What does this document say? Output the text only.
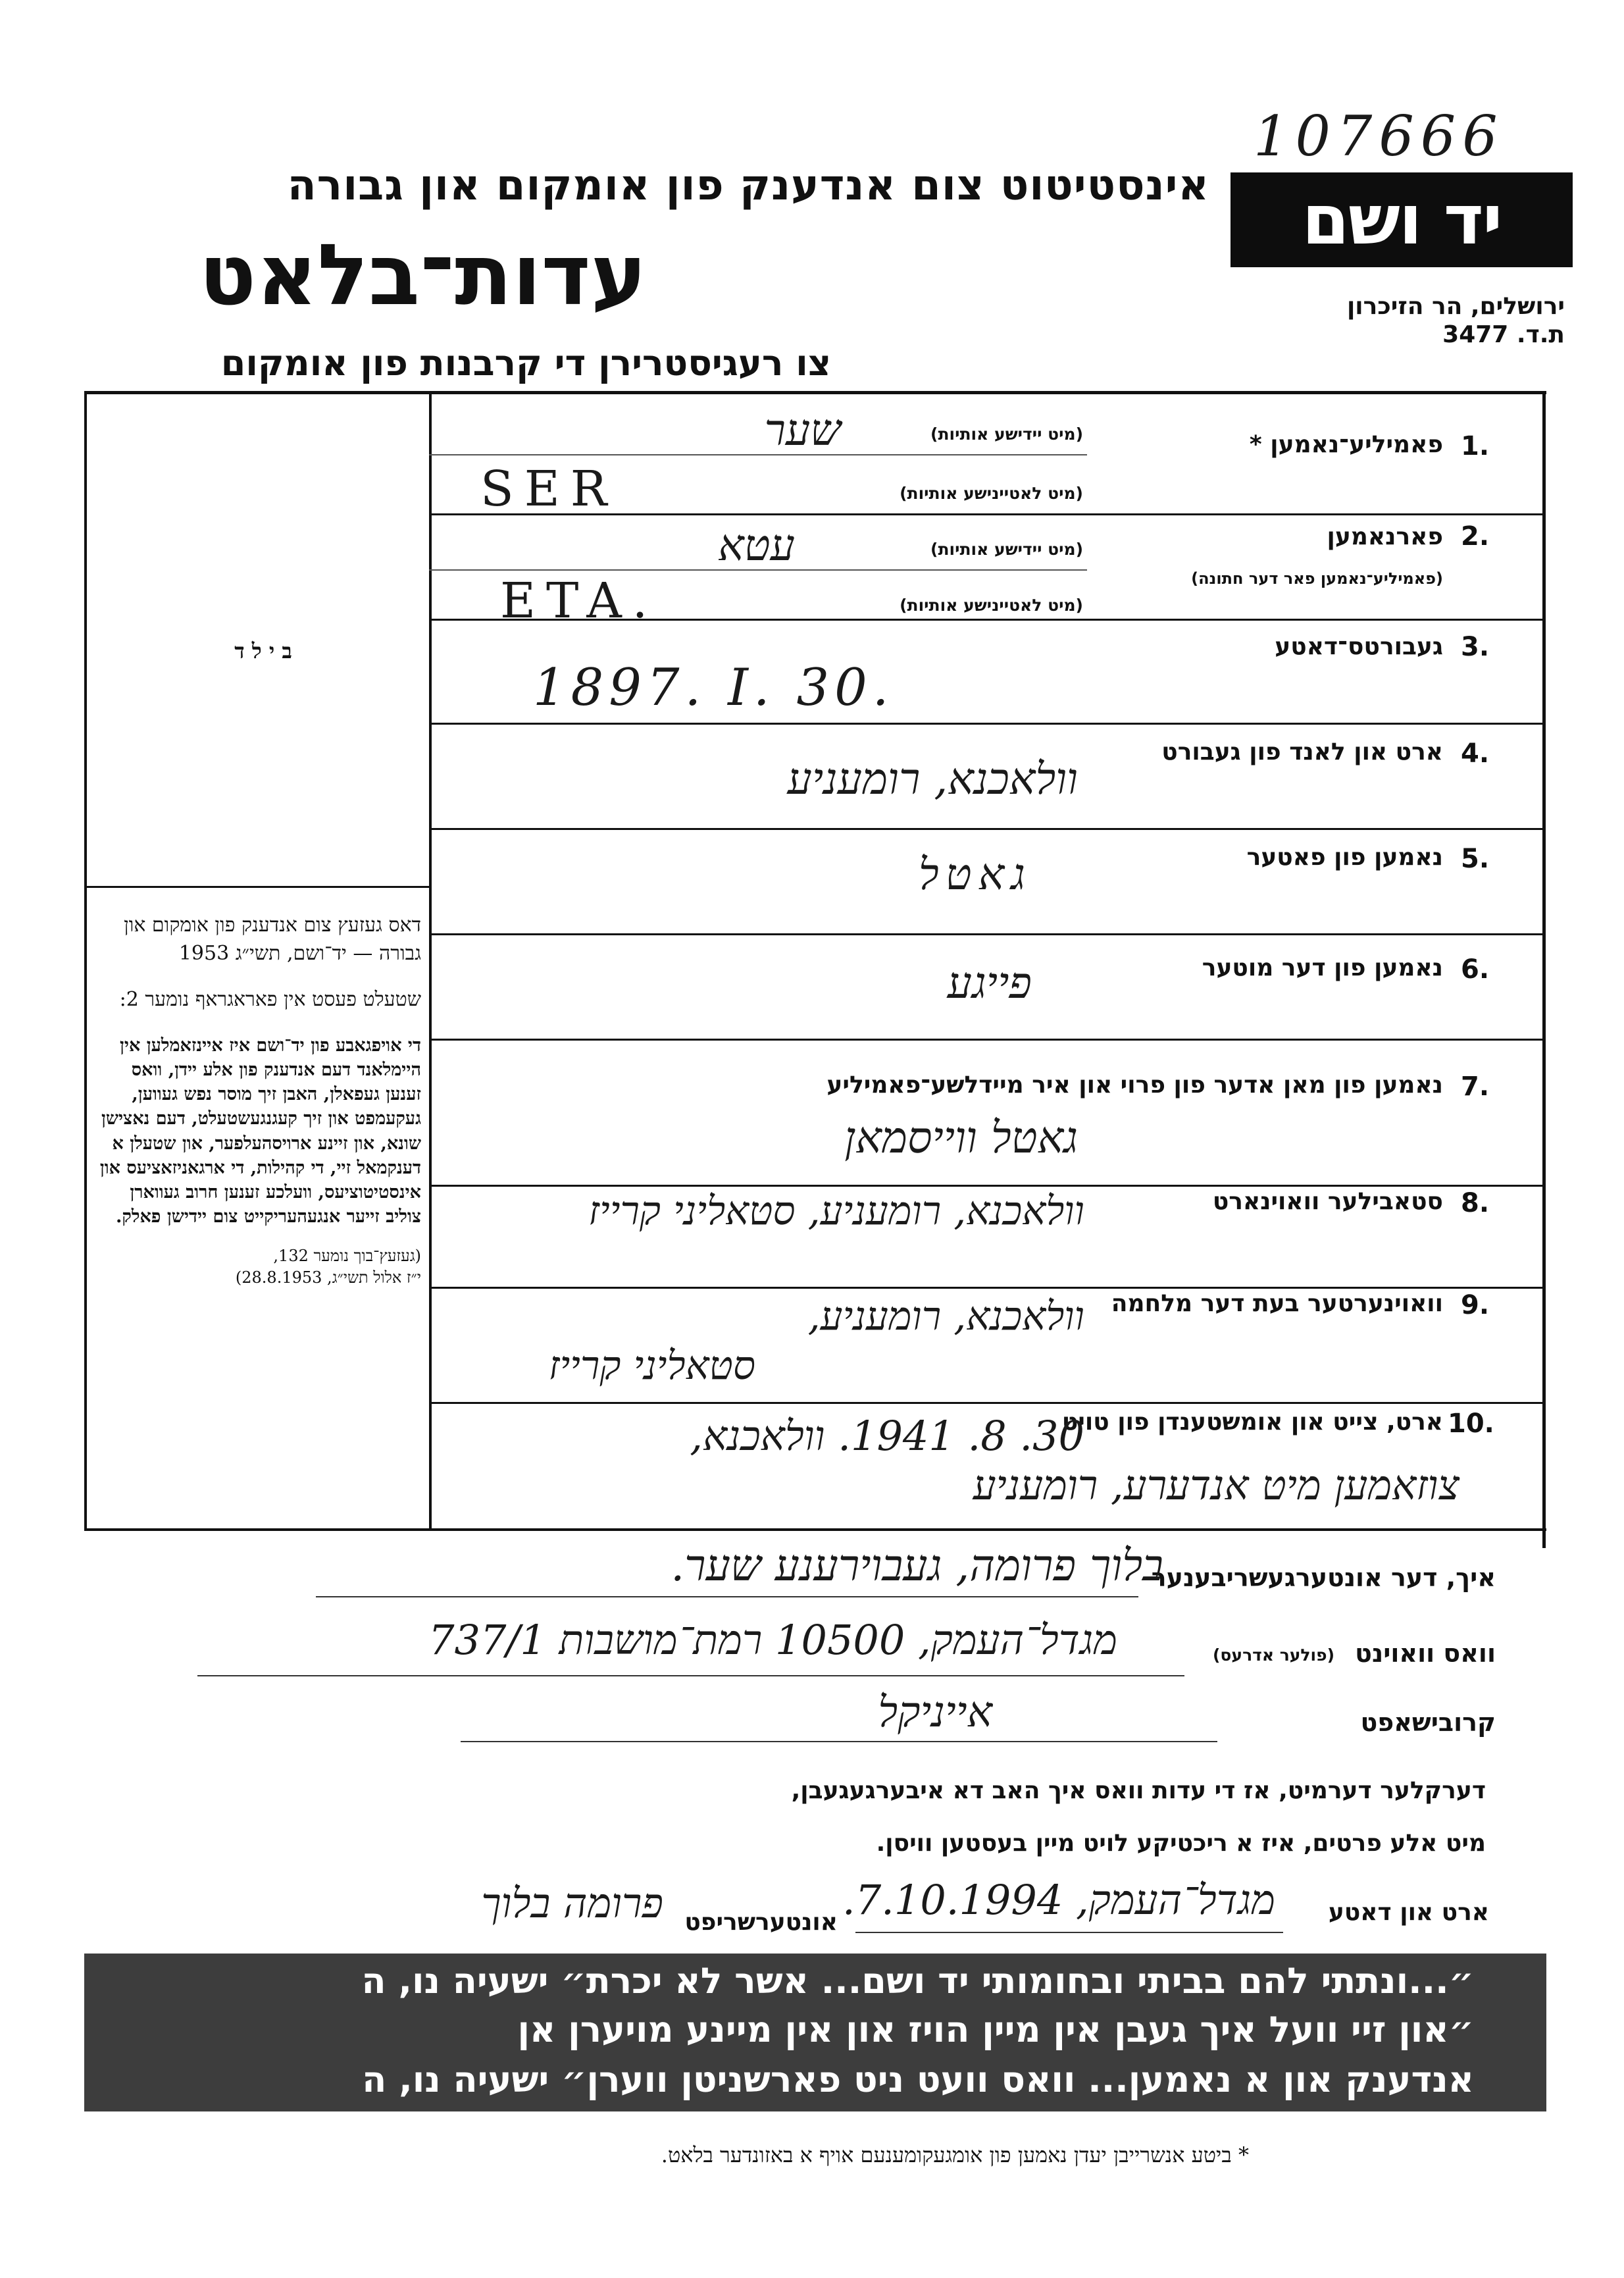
107666
אינסטיטוט צום אנדענק פון אומקום און גבורה
עדות־בלאט
צו רעגיסטרירן די קרבנות פון אומקום
יד ושם
ירושלים, הר הזיכרון
ת.ד. 3477
ב י ל ד

דאס געזעץ צום אנדענק פון אומקום און גבורה — יד־ושם, תשי״ג 1953

שטעלט פעסט אין פאראגראף נומער 2:

די אויפגאבע פון יד־ושם איז איינזאמלען אין היימלאנד דעם אנדענק פון אלע יידן, וואס זענען געפאלן, האבן זיך מוסר נפש געווען, געקעמפט און זיך קעגנגעשטעלט, דעם נאצישן שונא, און זיינע ארויסהעלפער, און שטעלן א דענקמאל זיי, די קהילות, די ארגאניזאציעס און אינסטיטוציעס, וועלכע זענען חרוב געווארן צוליב זייער אנגעהעריקייט צום יידישן פאלק.

(געזעץ־בוך נומער 132,

י״ז אלול תשי״ג, 28.8.1953)

1.
פאמיליע־נאמען *
(מיט יידישע אותיות)
שער
(מיט לאטיינישע אותיות)
SER
2.
פארנאמען
(פאמיליע־נאמען פאר דער חתונה)
(מיט יידישע אותיות)
עטא
(מיט לאטיינישע אותיות)
ETA.
3.
געבורטס־דאטע
1897. I. 30.
4.
ארט און לאנד פון געבורט
וולאכנא, רומעניע
5.
נאמען פון פאטער
גאטל
6.
נאמען פון דער מוטער
פייגע
7.
נאמען פון מאן אדער פון פרוי און איר מיידלשע־פאמיליע
גאטל ווייסמאן
8.
סטאבילער וואוינארט
וולאכנא, רומעניע, סטאליני קרייז
9.
וואוינערטער בעת דער מלחמה
וולאכנא, רומעניע,
סטאליני קרייז
10.
ארט, צייט און אומשטענדן פון טויט
30. 8. 1941. וולאכנא,
צוזאמען מיט אנדערע, רומעניע
איך, דער אונטערגעשריבענער
בלוך פרומה, געבוירענע שער.
וואס וואוינט
(פולער אדרעס)
מגדל־העמק, 10500 רמת־מושבות 737/1
קרובישאפט
אייניקל
דערקלער דערמיט, אז די עדות וואס איך האב דא איבערגעגעבן,
מיט אלע פרטים, איז א ריכטיקע לויט מיין בעסטען וויסן.
ארט און דאטע
מגדל־העמק, 7.10.1994.
אונטערשריפט
פרומה בלוך
״...ונתתי להם בביתי ובחומותי יד ושם... אשר לא יכרת״ ישעיה נו, ה
״און זיי וועל איך געבן אין מיין הויז און אין מיינע מויערן אן
אנדענק און א נאמען... וואס וועט ניט פארשניטן ווערן״ ישעיה נו, ה
* ביטע אנשרייבן יעדן נאמען פון אומגעקומענעם אויף א באזונדער בלאט.
